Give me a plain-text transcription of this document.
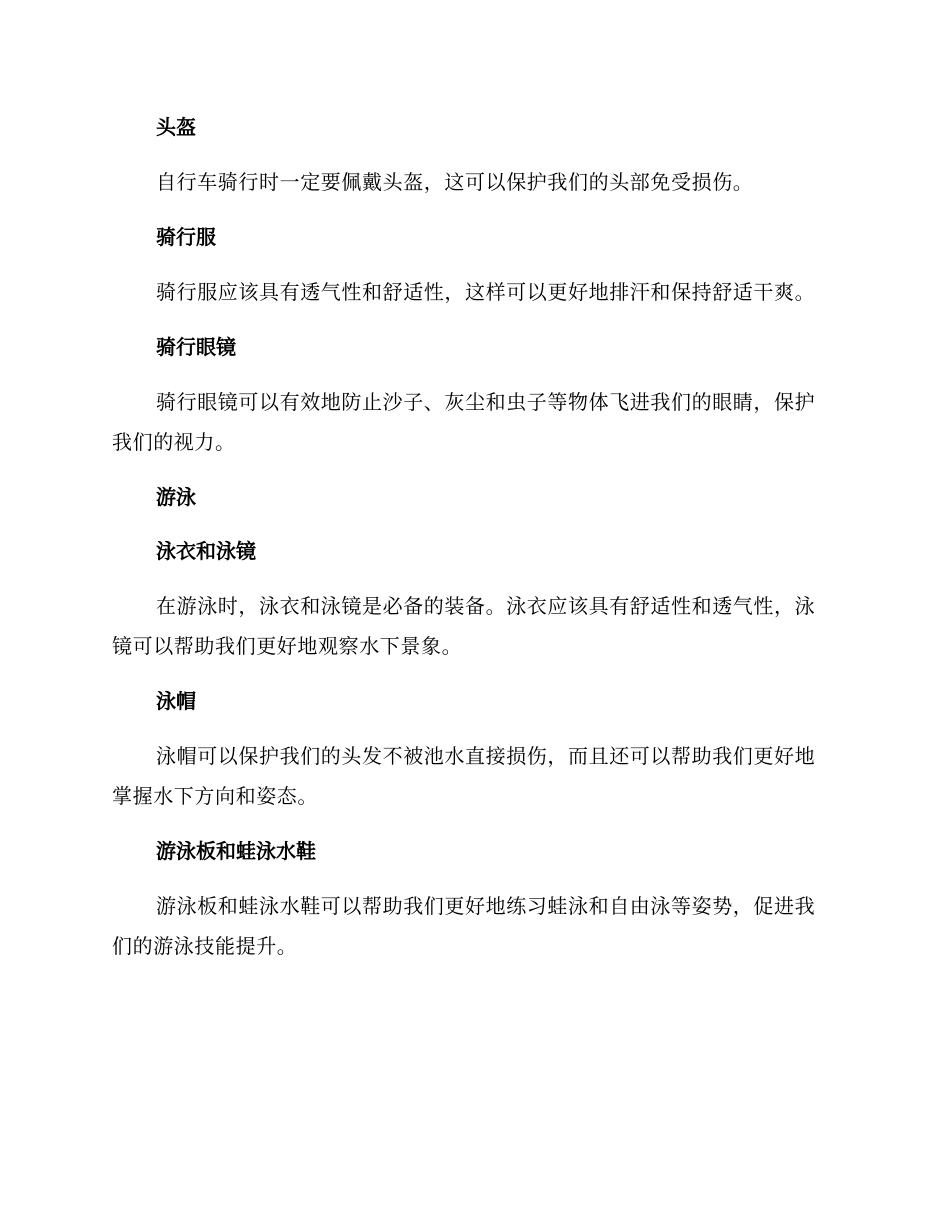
头盔

自行车骑行时一定要佩戴头盔，这可以保护我们的头部免受损伤。

骑行服

骑行服应该具有透气性和舒适性，这样可以更好地排汗和保持舒适干爽。

骑行眼镜

骑行眼镜可以有效地防止沙子、灰尘和虫子等物体飞进我们的眼睛，保护我们的视力。

游泳
泳衣和泳镜

在游泳时，泳衣和泳镜是必备的装备。泳衣应该具有舒适性和透气性，泳镜可以帮助我们更好地观察水下景象。

泳帽

泳帽可以保护我们的头发不被池水直接损伤，而且还可以帮助我们更好地掌握水下方向和姿态。

游泳板和蛙泳水鞋

游泳板和蛙泳水鞋可以帮助我们更好地练习蛙泳和自由泳等姿势，促进我们的游泳技能提升。
